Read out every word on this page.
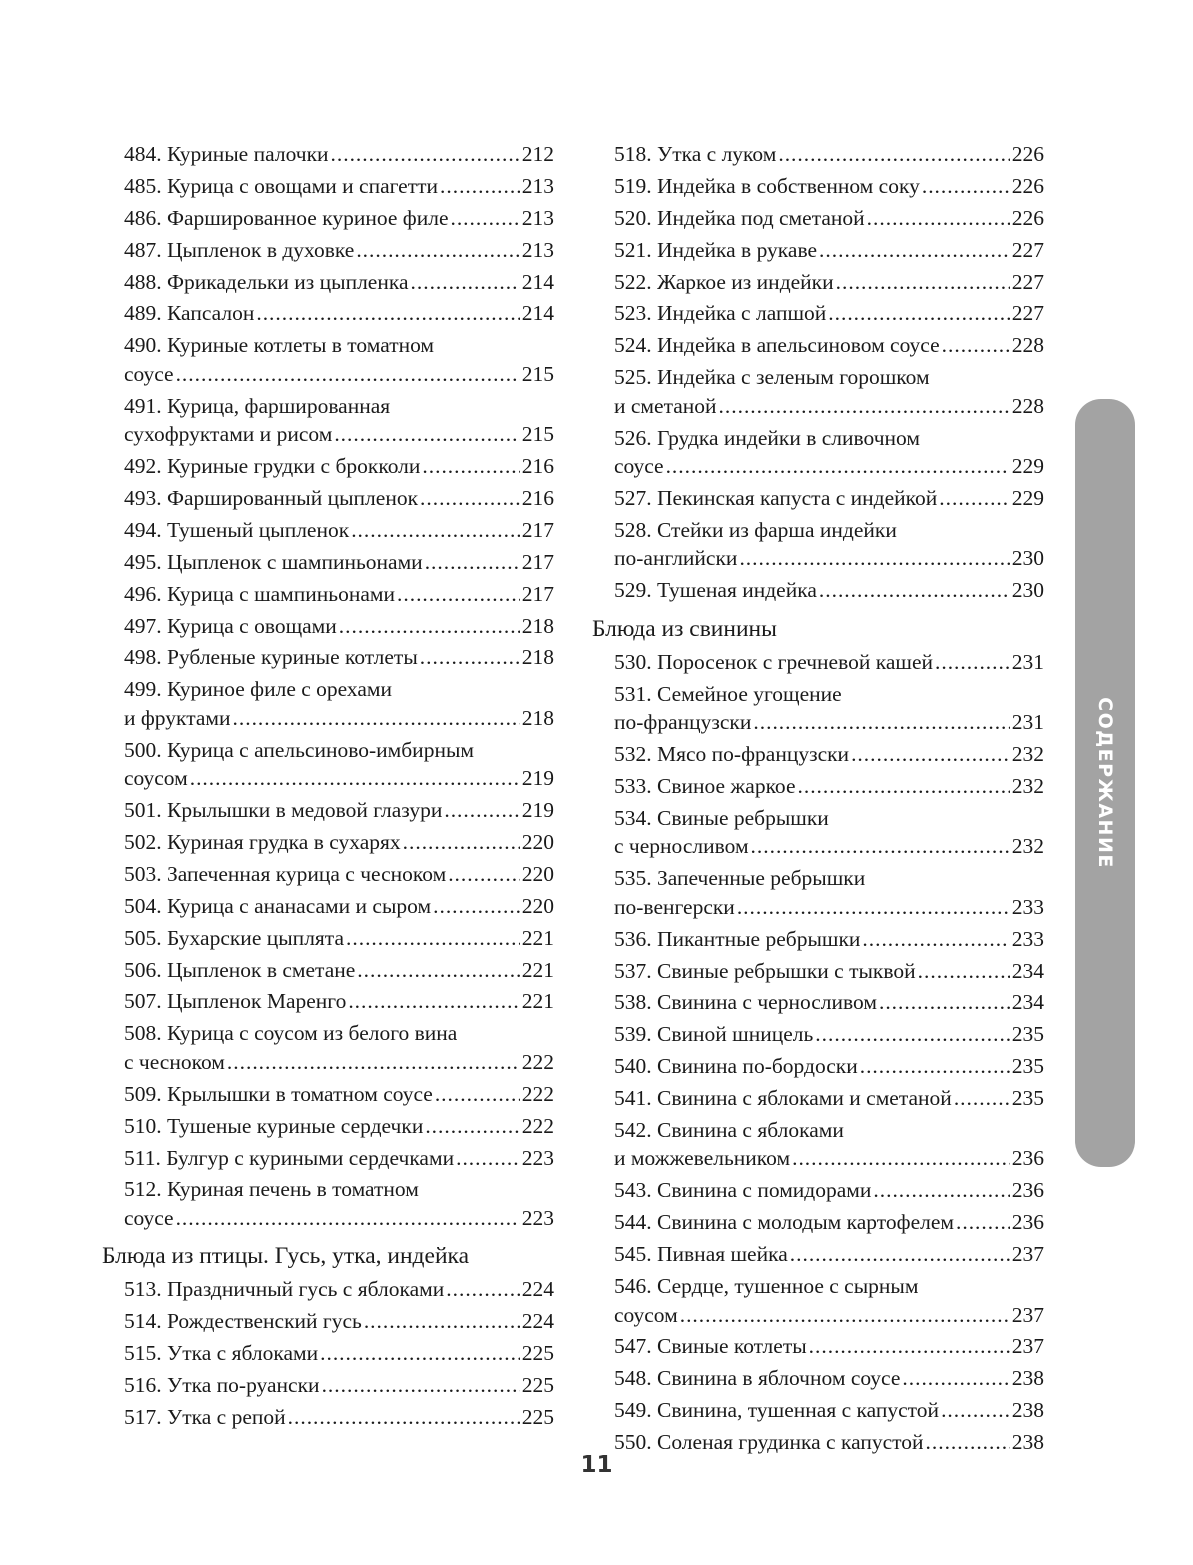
484. Куриные палочки . . .	212
485. Курица с овощами и спагетти . . .	213
486. Фаршированное куриное филе . . .	213
487. Цыпленок в духовке . . .	213
488. Фрикадельки из цыпленка . . .	214
489. Капсалон . . .	214
490. Куриные котлеты в томатном
соусе . . .	215
491. Курица, фаршированная
сухофруктами и рисом . . .	215
492. Куриные грудки с брокколи . . .	216
493. Фаршированный цыпленок . . .	216
494. Тушеный цыпленок . . .	217
495. Цыпленок с шампиньонами . . .	217
496. Курица с шампиньонами . . .	217
497. Курица с овощами . . .	218
498. Рубленые куриные котлеты . . .	218
499. Куриное филе с орехами
и фруктами . . .	218
500. Курица с апельсиново-имбирным
соусом . . .	219
501. Крылышки в медовой глазури . . .	219
502. Куриная грудка в сухарях . . .	220
503. Запеченная курица с чесноком . . .	220
504. Курица с ананасами и сыром . . .	220
505. Бухарские цыплята . . .	221
506. Цыпленок в сметане . . .	221
507. Цыпленок Маренго . . .	221
508. Курица с соусом из белого вина
с чесноком . . .	222
509. Крылышки в томатном соусе . . .	222
510. Тушеные куриные сердечки . . .	222
511. Булгур с куриными сердечками . . .	223
512. Куриная печень в томатном
соусе . . .	223
Блюда из птицы. Гусь, утка, индейка
513. Праздничный гусь с яблоками . . .	224
514. Рождественский гусь . . .	224
515. Утка с яблоками . . .	225
516. Утка по-руански . . .	225
517. Утка с репой . . .	225
518. Утка с луком . . .	226
519. Индейка в собственном соку . . .	226
520. Индейка под сметаной . . .	226
521. Индейка в рукаве . . .	227
522. Жаркое из индейки . . .	227
523. Индейка с лапшой . . .	227
524. Индейка в апельсиновом соусе . . .	228
525. Индейка с зеленым горошком
и сметаной . . .	228
526. Грудка индейки в сливочном
соусе . . .	229
527. Пекинская капуста с индейкой . . .	229
528. Стейки из фарша индейки
по-английски . . .	230
529. Тушеная индейка . . .	230
Блюда из свинины
530. Поросенок с гречневой кашей . . .	231
531. Семейное угощение
по-французски . . .	231
532. Мясо по-французски . . .	232
533. Свиное жаркое . . .	232
534. Свиные ребрышки
с черносливом . . .	232
535. Запеченные ребрышки
по-венгерски . . .	233
536. Пикантные ребрышки . . .	233
537. Свиные ребрышки с тыквой . . .	234
538. Свинина с черносливом . . .	234
539. Свиной шницель . . .	235
540. Свинина по-бордоски . . .	235
541. Свинина с яблоками и сметаной . . .	235
542. Свинина с яблоками
и можжевельником . . .	236
543. Свинина с помидорами . . .	236
544. Свинина с молодым картофелем . . .	236
545. Пивная шейка . . .	237
546. Сердце, тушенное с сырным
соусом . . .	237
547. Свиные котлеты . . .	237
548. Свинина в яблочном соусе . . .	238
549. Свинина, тушенная с капустой . . .	238
550. Соленая грудинка с капустой . . .	238
СОДЕРЖАНИЕ
11
